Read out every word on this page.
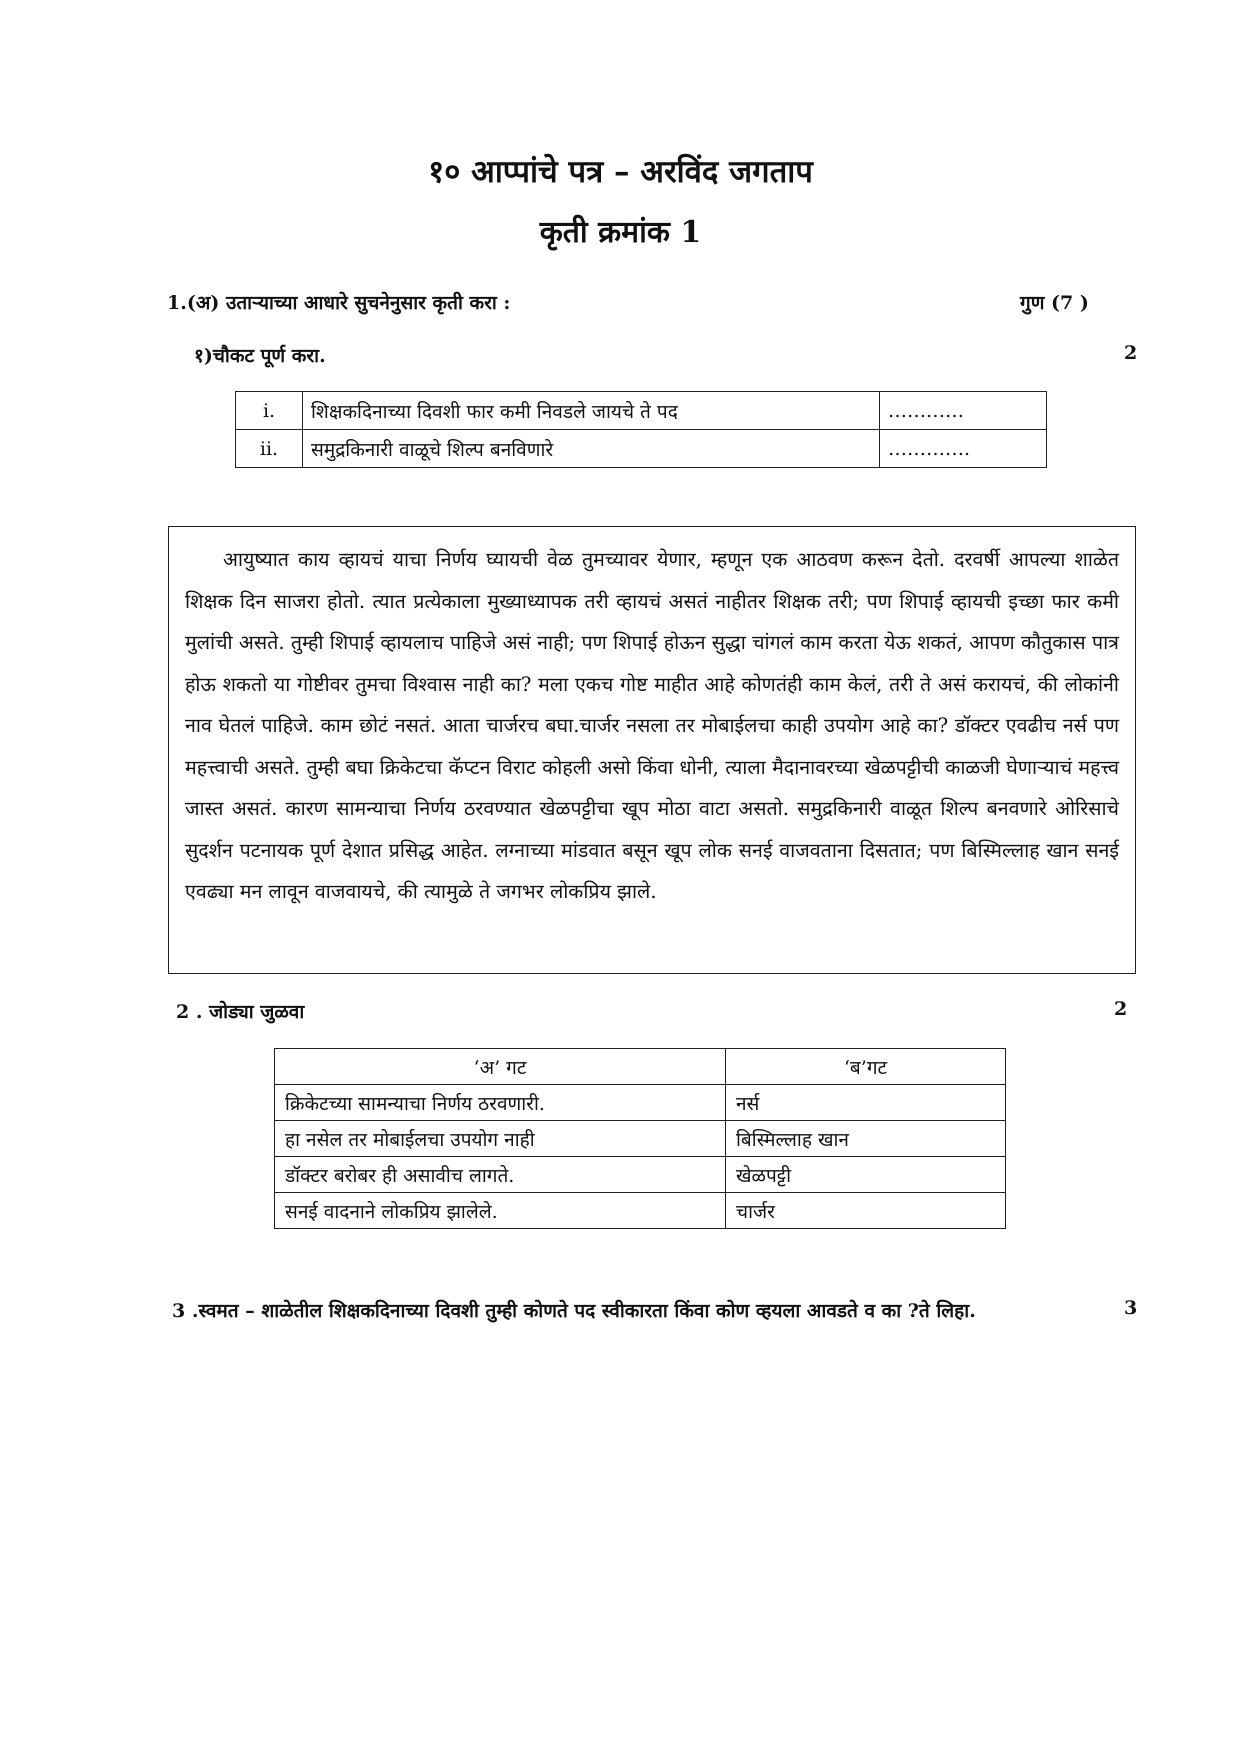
१० आप्पांचे पत्र – अरविंद जगताप
कृती क्रमांक 1
1.(अ) उताऱ्याच्या आधारे सुचनेनुसार कृती करा :	गुण (7 )
१)चौकट पूर्ण करा.	2
i.	शिक्षकदिनाच्या दिवशी फार कमी निवडले जायचे ते पद	…………
ii.	समुद्रकिनारी वाळूचे शिल्प बनविणारे	………….

आयुष्यात काय व्हायचं याचा निर्णय घ्यायची वेळ तुमच्यावर येणार, म्हणून एक आठवण करून देतो. दरवर्षी आपल्या शाळेत शिक्षक दिन साजरा होतो. त्यात प्रत्येकाला मुख्याध्यापक तरी व्हायचं असतं नाहीतर शिक्षक तरी; पण शिपाई व्हायची इच्छा फार कमी मुलांची असते. तुम्ही शिपाई व्हायलाच पाहिजे असं नाही; पण शिपाई होऊन सुद्धा चांगलं काम करता येऊ शकतं, आपण कौतुकास पात्र होऊ शकतो या गोष्टीवर तुमचा विश्वास नाही का? मला एकच गोष्ट माहीत आहे कोणतंही काम केलं, तरी ते असं करायचं, की लोकांनी नाव घेतलं पाहिजे. काम छोटं नसतं. आता चार्जरच बघा.चार्जर नसला तर मोबाईलचा काही उपयोग आहे का? डॉक्टर एवढीच नर्स पण महत्त्वाची असते. तुम्ही बघा क्रिकेटचा कॅप्टन विराट कोहली असो किंवा धोनी, त्याला मैदानावरच्या खेळपट्टीची काळजी घेणाऱ्याचं महत्त्व जास्त असतं. कारण सामन्याचा निर्णय ठरवण्यात खेळपट्टीचा खूप मोठा वाटा असतो. समुद्रकिनारी वाळूत शिल्प बनवणारे ओरिसाचे सुदर्शन पटनायक पूर्ण देशात प्रसिद्ध आहेत. लग्नाच्या मांडवात बसून खूप लोक सनई वाजवताना दिसतात; पण बिस्मिल्लाह खान सनई एवढ्या मन लावून वाजवायचे, की त्यामुळे ते जगभर लोकप्रिय झाले.

2 . जोड्या जुळवा	2
‘अ’ गट	‘ब’गट
क्रिकेटच्या सामन्याचा निर्णय ठरवणारी.	नर्स
हा नसेल तर मोबाईलचा उपयोग नाही	बिस्मिल्लाह खान
डॉक्टर बरोबर ही असावीच लागते.	खेळपट्टी
सनई वादनाने लोकप्रिय झालेले.	चार्जर
3 .स्वमत – शाळेतील शिक्षकदिनाच्या दिवशी तुम्ही कोणते पद स्वीकारता किंवा कोण व्हयला आवडते व का ?ते लिहा.	3
